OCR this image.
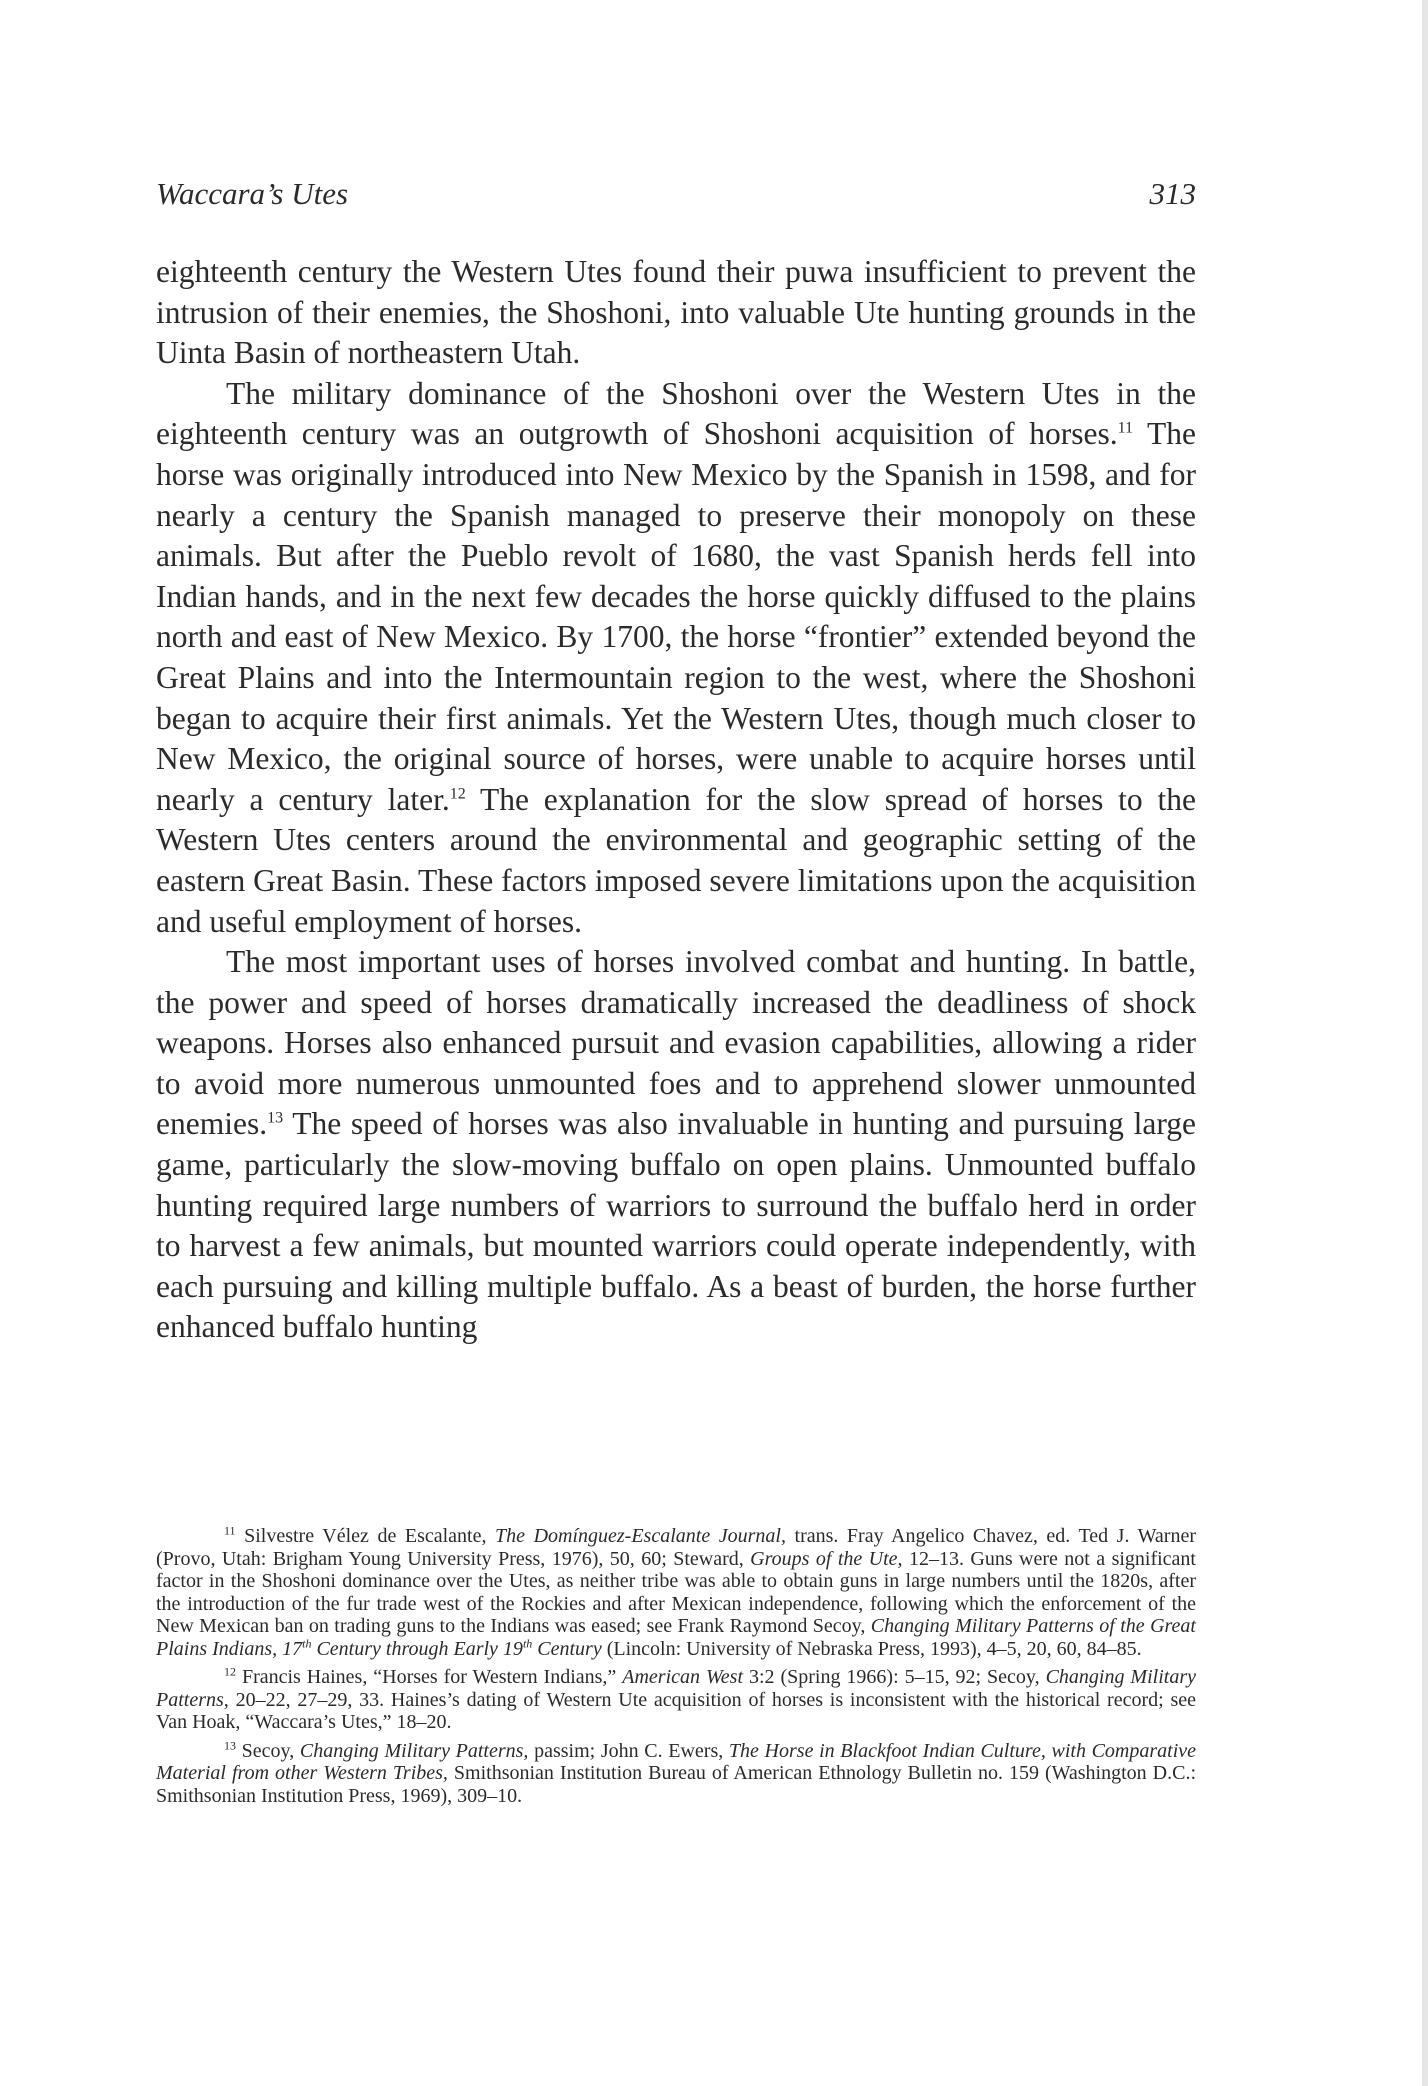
Waccara’s Utes	313

eighteenth century the Western Utes found their puwa insufficient to prevent the intrusion of their enemies, the Shoshoni, into valuable Ute hunting grounds in the Uinta Basin of northeastern Utah.

The military dominance of the Shoshoni over the Western Utes in the eighteenth century was an outgrowth of Shoshoni acquisition of horses.$^{11}$ The horse was originally introduced into New Mexico by the Spanish in 1598, and for nearly a century the Spanish managed to preserve their monopoly on these animals. But after the Pueblo revolt of 1680, the vast Spanish herds fell into Indian hands, and in the next few decades the horse quickly diffused to the plains north and east of New Mexico. By 1700, the horse “frontier” extended beyond the Great Plains and into the Intermountain region to the west, where the Shoshoni began to acquire their first animals. Yet the Western Utes, though much closer to New Mexico, the original source of horses, were unable to acquire horses until nearly a century later.$^{12}$ The explanation for the slow spread of horses to the Western Utes centers around the environmental and geographic setting of the eastern Great Basin. These factors imposed severe limitations upon the acquisition and useful employment of horses.

The most important uses of horses involved combat and hunting. In battle, the power and speed of horses dramatically increased the deadliness of shock weapons. Horses also enhanced pursuit and evasion capabilities, allowing a rider to avoid more numerous unmounted foes and to apprehend slower unmounted enemies.$^{13}$ The speed of horses was also invaluable in hunting and pursuing large game, particularly the slow-moving buffalo on open plains. Unmounted buffalo hunting required large numbers of warriors to surround the buffalo herd in order to harvest a few animals, but mounted warriors could operate independently, with each pursuing and killing multiple buffalo. As a beast of burden, the horse further enhanced buffalo hunting

$^{11}$ Silvestre Vélez de Escalante, The Domínguez-Escalante Journal, trans. Fray Angelico Chavez, ed. Ted J. Warner (Provo, Utah: Brigham Young University Press, 1976), 50, 60; Steward, Groups of the Ute, 12–13. Guns were not a significant factor in the Shoshoni dominance over the Utes, as neither tribe was able to obtain guns in large numbers until the 1820s, after the introduction of the fur trade west of the Rockies and after Mexican independence, following which the enforcement of the New Mexican ban on trading guns to the Indians was eased; see Frank Raymond Secoy, Changing Military Patterns of the Great Plains Indians, 17th Century through Early 19th Century (Lincoln: University of Nebraska Press, 1993), 4–5, 20, 60, 84–85.

$^{12}$ Francis Haines, “Horses for Western Indians,” American West 3:2 (Spring 1966): 5–15, 92; Secoy, Changing Military Patterns, 20–22, 27–29, 33. Haines’s dating of Western Ute acquisition of horses is inconsistent with the historical record; see Van Hoak, “Waccara’s Utes,” 18–20.

$^{13}$ Secoy, Changing Military Patterns, passim; John C. Ewers, The Horse in Blackfoot Indian Culture, with Comparative Material from other Western Tribes, Smithsonian Institution Bureau of American Ethnology Bulletin no. 159 (Washington D.C.: Smithsonian Institution Press, 1969), 309–10.
